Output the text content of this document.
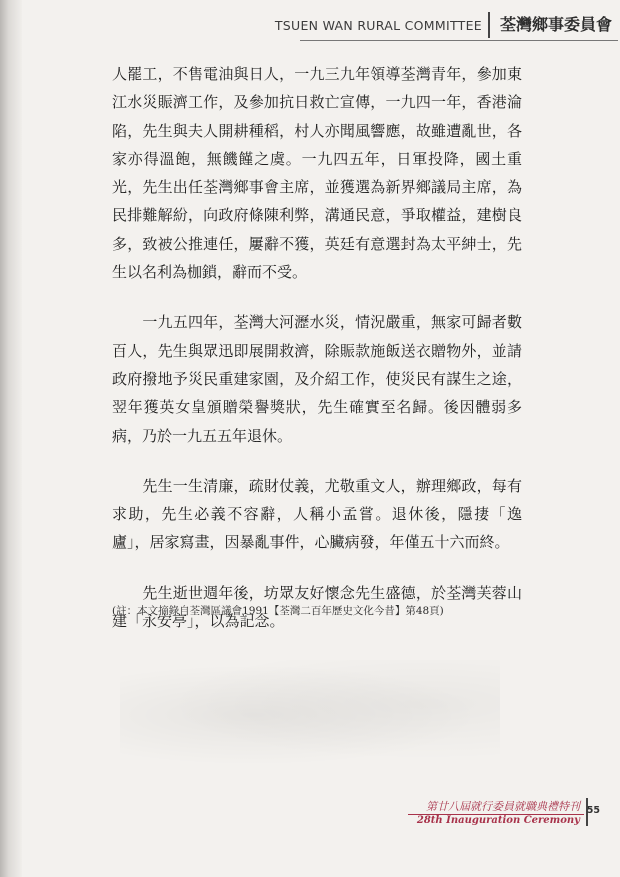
TSUEN WAN RURAL COMMITTEE 荃灣鄉事委員會

人罷工，不售電油與日人，一九三九年領導荃灣青年，參加東江水災賑濟工作，及參加抗日救亡宣傳，一九四一年，香港淪陷，先生與夫人開耕種稻，村人亦聞風響應，故雖遭亂世，各家亦得溫飽，無饑饉之虞。一九四五年，日軍投降，國土重光，先生出任荃灣鄉事會主席，並獲選為新界鄉議局主席，為民排難解紛，向政府條陳利弊，溝通民意，爭取權益，建樹良多，致被公推連任，屢辭不獲，英廷有意選封為太平紳士，先生以名利為枷鎖，辭而不受。

　　一九五四年，荃灣大河瀝水災，情況嚴重，無家可歸者數百人，先生與眾迅即展開救濟，除賑款施飯送衣贈物外，並請政府撥地予災民重建家園，及介紹工作，使災民有謀生之途，翌年獲英女皇頒贈榮譽獎狀，先生確實至名歸。後因體弱多病，乃於一九五五年退休。

　　先生一生清廉，疏財仗義，尤敬重文人，辦理鄉政，每有求助，先生必義不容辭，人稱小孟嘗。退休後，隱捿「逸廬」，居家寫畫，因暴亂事件，心臟病發，年僅五十六而終。

　　先生逝世週年後，坊眾友好懷念先生盛德，於荃灣芙蓉山建「永安亭」，以為記念。

(註：本文摘錄自荃灣區議會1991【荃灣二百年歷史文化今昔】第48頁)
第廿八屆就行委員就職典禮特刊
28th Inauguration Ceremony
55
